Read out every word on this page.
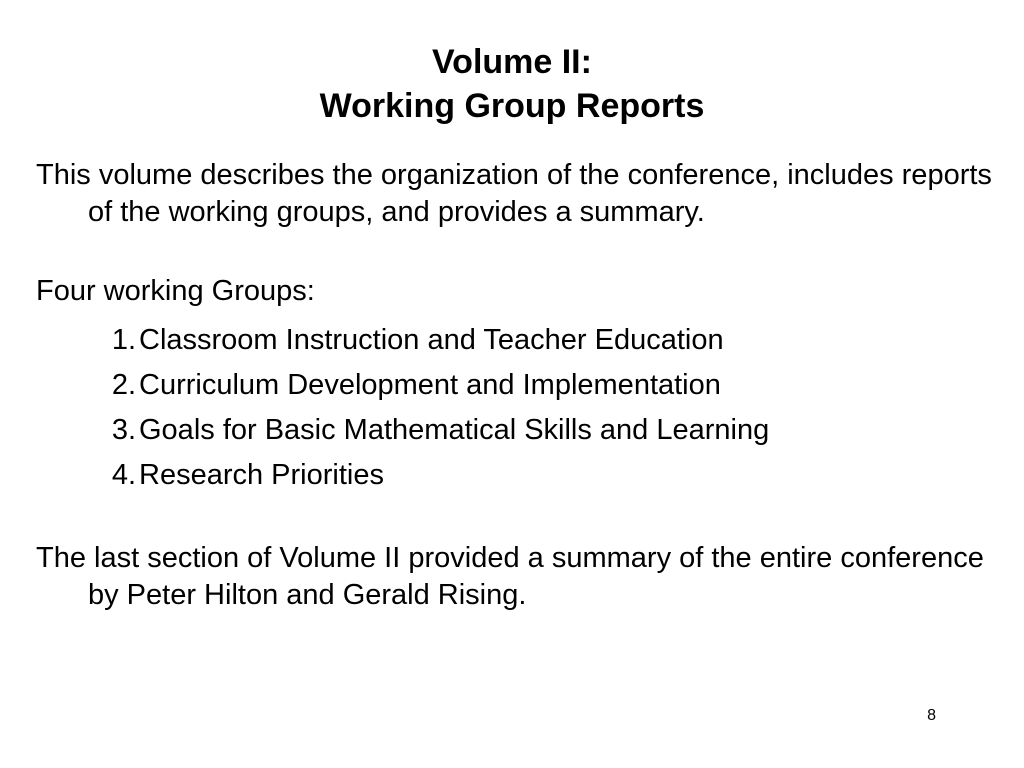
Volume II:
Working Group Reports

This volume describes the organization of the conference, includes reports of the working groups, and provides a summary.

Four working Groups:

1. Classroom Instruction and Teacher Education
2. Curriculum Development and Implementation
3. Goals for Basic Mathematical Skills and Learning
4. Research Priorities

The last section of Volume II provided a summary of the entire conference by Peter Hilton and Gerald Rising.

8
